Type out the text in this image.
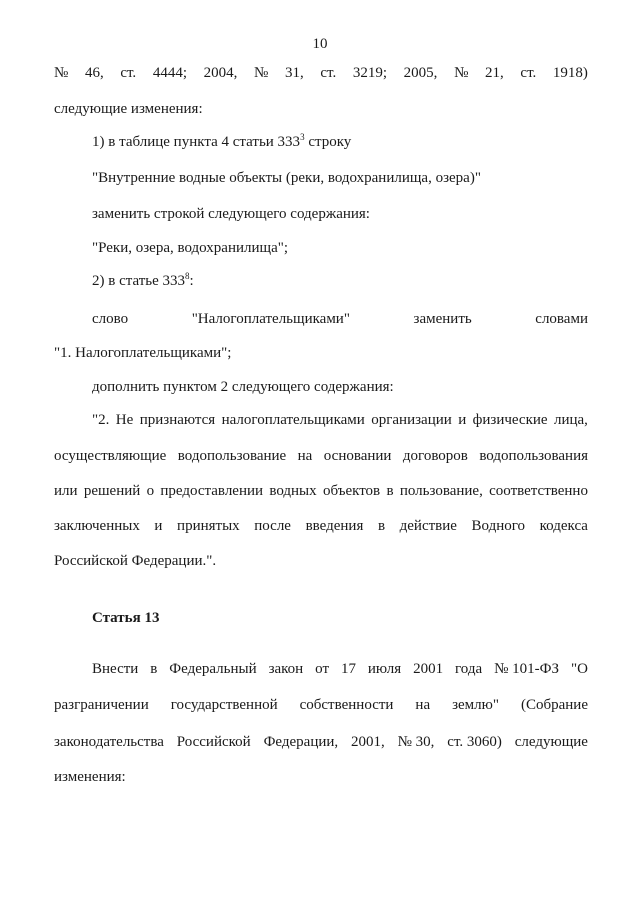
10
№ 46, ст. 4444; 2004, № 31, ст. 3219; 2005, № 21, ст. 1918)
следующие изменения:
1) в таблице пункта 4 статьи $333^3$ строку
"Внутренние водные объекты (реки, водохранилища, озера)"
заменить строкой следующего содержания:
"Реки, озера, водохранилища";
2) в статье $333^8$:
слово	"Налогоплательщиками"	заменить	словами
"1. Налогоплательщиками";
дополнить пунктом 2 следующего содержания:
"2. Не признаются налогоплательщиками организации и физические лица,
осуществляющие водопользование на основании договоров водопользования
или решений о предоставлении водных объектов в пользование, соответственно
заключенных и принятых после введения в действие Водного кодекса
Российской Федерации.".
Статья 13
Внести в Федеральный закон от 17 июля 2001 года № 101-ФЗ "О
разграничении государственной собственности на землю" (Собрание
законодательства Российской Федерации, 2001, № 30, ст. 3060) следующие
изменения:
